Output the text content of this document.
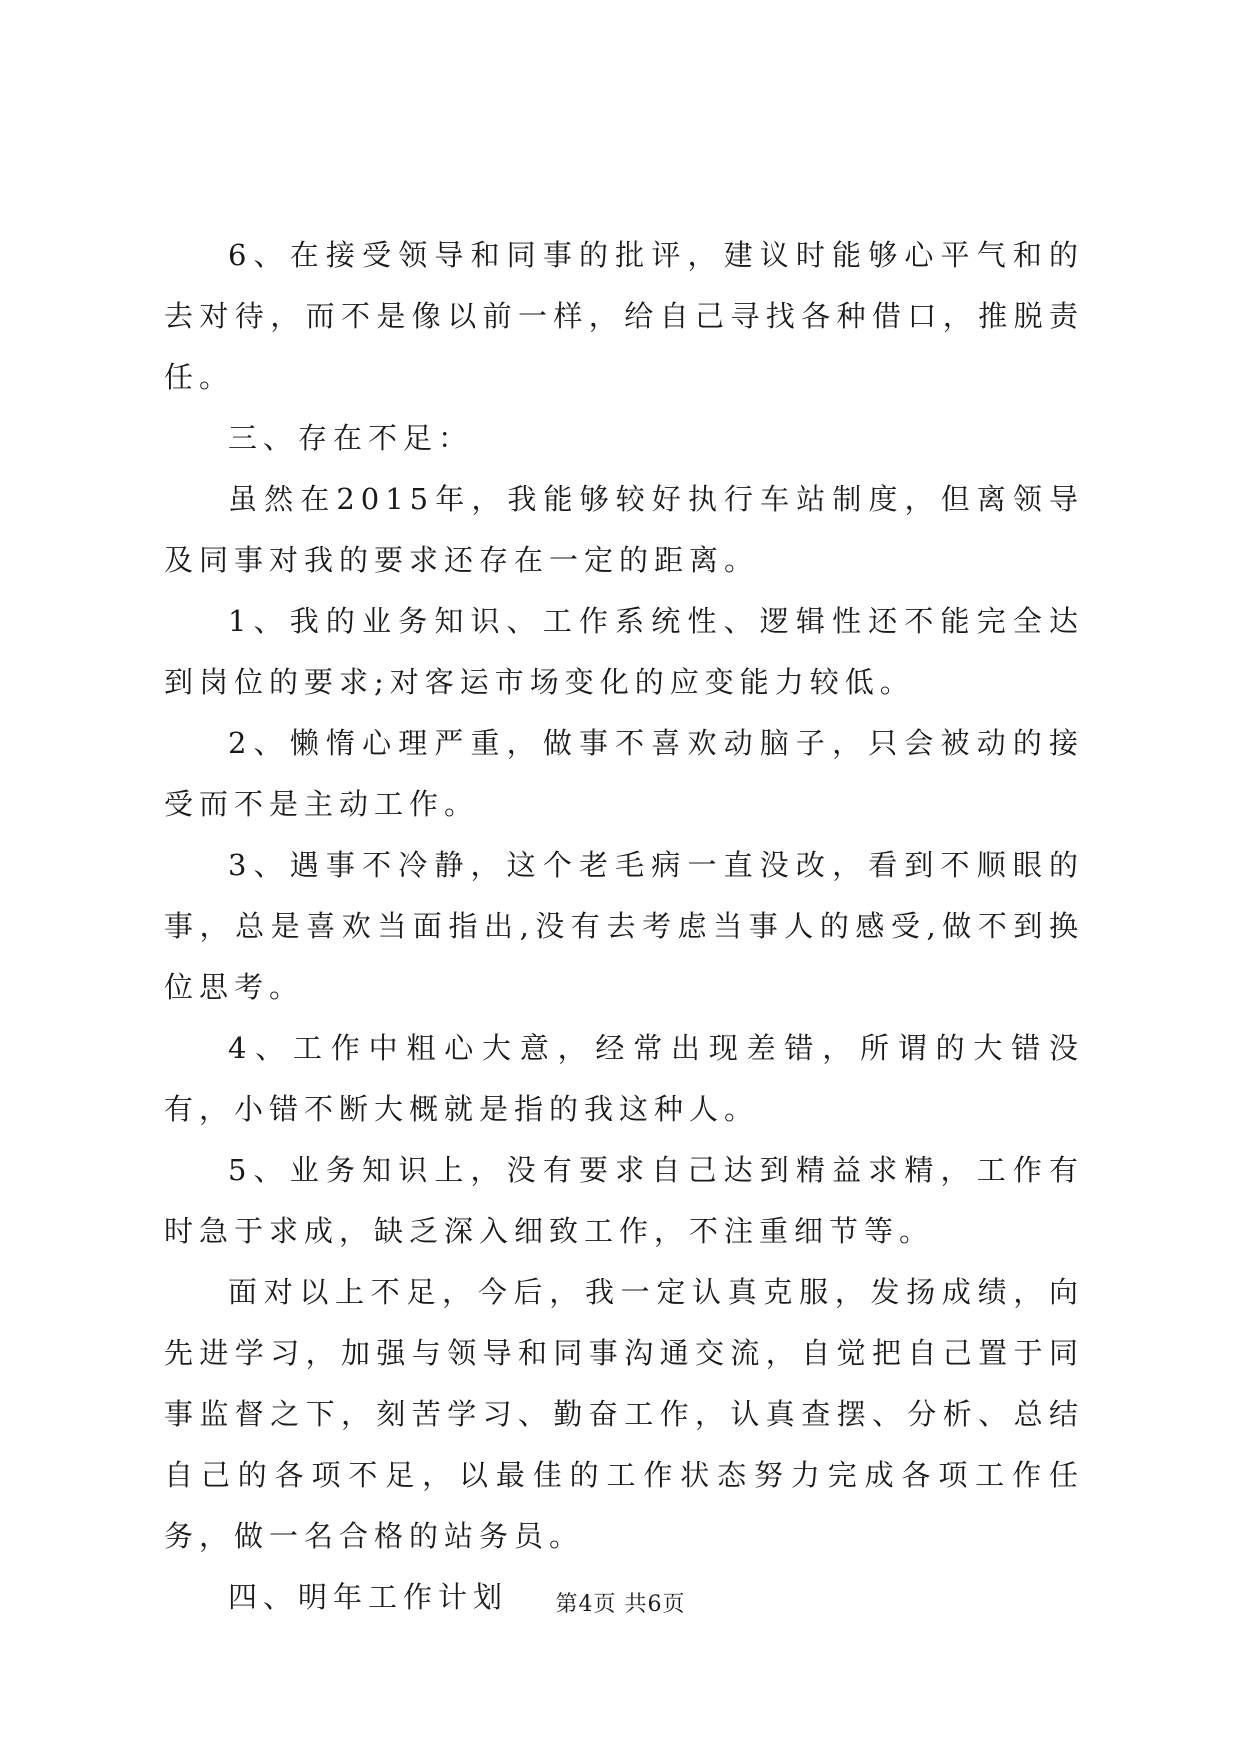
6、在接受领导和同事的批评，建议时能够心平气和的去对待，而不是像以前一样，给自己寻找各种借口，推脱责任。

三、存在不足：

虽然在2015年，我能够较好执行车站制度，但离领导及同事对我的要求还存在一定的距离。

1、我的业务知识、工作系统性、逻辑性还不能完全达到岗位的要求;对客运市场变化的应变能力较低。

2、懒惰心理严重，做事不喜欢动脑子，只会被动的接受而不是主动工作。

3、遇事不冷静，这个老毛病一直没改，看到不顺眼的事，总是喜欢当面指出,没有去考虑当事人的感受,做不到换位思考。

4、工作中粗心大意，经常出现差错，所谓的大错没有，小错不断大概就是指的我这种人。

5、业务知识上，没有要求自己达到精益求精，工作有时急于求成，缺乏深入细致工作，不注重细节等。

面对以上不足，今后，我一定认真克服，发扬成绩，向先进学习，加强与领导和同事沟通交流，自觉把自己置于同事监督之下，刻苦学习、勤奋工作，认真查摆、分析、总结自己的各项不足，以最佳的工作状态努力完成各项工作任务，做一名合格的站务员。

四、明年工作计划	第4页 共6页
